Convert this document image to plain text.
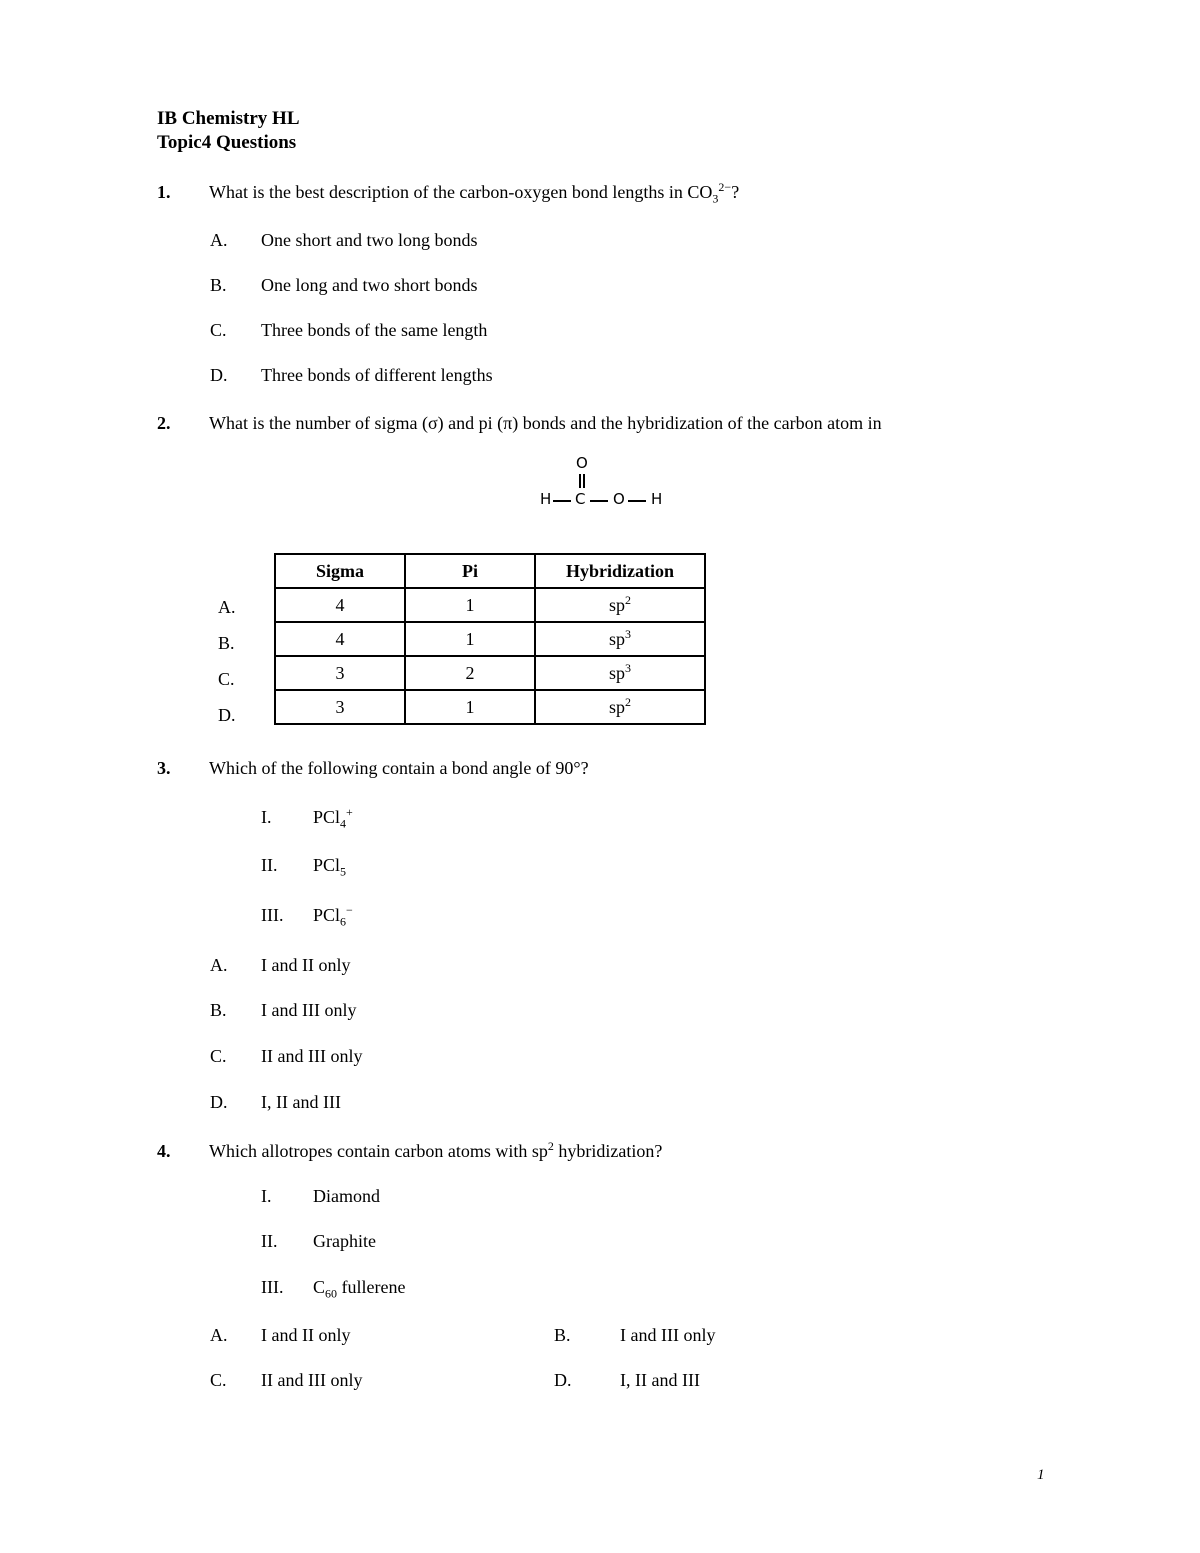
IB Chemistry HL
Topic4 Questions
1. What is the best description of the carbon-oxygen bond lengths in $CO_3^{2-}$?
A. One short and two long bonds
B. One long and two short bonds
C. Three bonds of the same length
D. Three bonds of different lengths
2. What is the number of sigma (σ) and pi (π) bonds and the hybridization of the carbon atom in
O
H C O H
Sigma	Pi	Hybridization
4	1	$sp^2$
4	1	$sp^3$
3	2	$sp^3$
3	1	$sp^2$
A.
B.
C.
D.
3. Which of the following contain a bond angle of 90°?
I. PCl$_4$+
II. PCl$_5$
III. PCl$_6$−
A. I and II only
B. I and III only
C. II and III only
D. I, II and III
4. Which allotropes contain carbon atoms with $sp^2$ hybridization?
I. Diamond
II. Graphite
III. $C_{60}$ fullerene
A. I and II only	B.	I and III only
C. II and III only	D.	I, II and III
1
